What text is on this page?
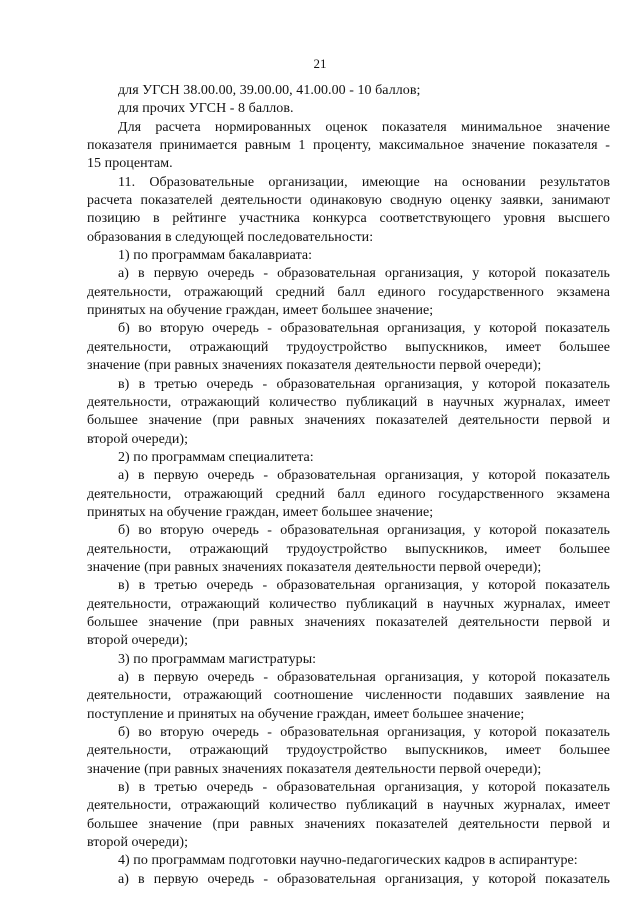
21
для УГСН 38.00.00, 39.00.00, 41.00.00 - 10 баллов;
для прочих УГСН - 8 баллов.
Для расчета нормированных оценок показателя минимальное значение
показателя принимается равным 1 проценту, максимальное значение показателя -
15 процентам.
11. Образовательные организации, имеющие на основании результатов
расчета показателей деятельности одинаковую сводную оценку заявки, занимают
позицию в рейтинге участника конкурса соответствующего уровня высшего
образования в следующей последовательности:
1) по программам бакалавриата:
а) в первую очередь - образовательная организация, у которой показатель
деятельности, отражающий средний балл единого государственного экзамена
принятых на обучение граждан, имеет большее значение;
б) во вторую очередь - образовательная организация, у которой показатель
деятельности, отражающий трудоустройство выпускников, имеет большее
значение (при равных значениях показателя деятельности первой очереди);
в) в третью очередь - образовательная организация, у которой показатель
деятельности, отражающий количество публикаций в научных журналах, имеет
большее значение (при равных значениях показателей деятельности первой и
второй очереди);
2) по программам специалитета:
а) в первую очередь - образовательная организация, у которой показатель
деятельности, отражающий средний балл единого государственного экзамена
принятых на обучение граждан, имеет большее значение;
б) во вторую очередь - образовательная организация, у которой показатель
деятельности, отражающий трудоустройство выпускников, имеет большее
значение (при равных значениях показателя деятельности первой очереди);
в) в третью очередь - образовательная организация, у которой показатель
деятельности, отражающий количество публикаций в научных журналах, имеет
большее значение (при равных значениях показателей деятельности первой и
второй очереди);
3) по программам магистратуры:
а) в первую очередь - образовательная организация, у которой показатель
деятельности, отражающий соотношение численности подавших заявление на
поступление и принятых на обучение граждан, имеет большее значение;
б) во вторую очередь - образовательная организация, у которой показатель
деятельности, отражающий трудоустройство выпускников, имеет большее
значение (при равных значениях показателя деятельности первой очереди);
в) в третью очередь - образовательная организация, у которой показатель
деятельности, отражающий количество публикаций в научных журналах, имеет
большее значение (при равных значениях показателей деятельности первой и
второй очереди);
4) по программам подготовки научно-педагогических кадров в аспирантуре:
а) в первую очередь - образовательная организация, у которой показатель
